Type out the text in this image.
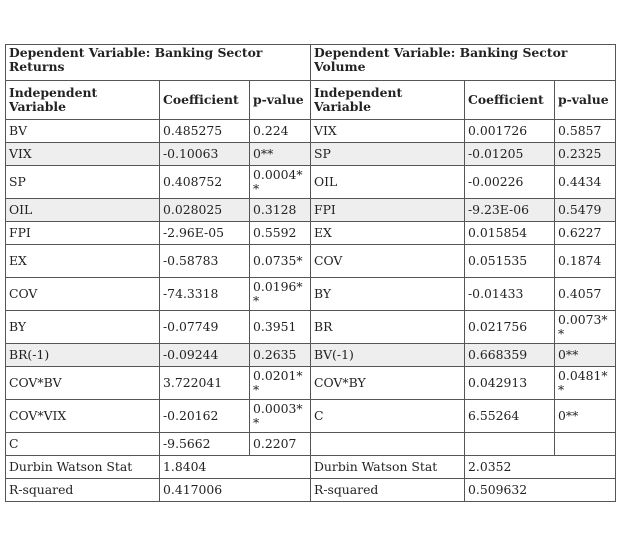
Dependent Variable: Banking Sector Returns			Dependent Variable: Banking Sector Volume		
Independent Variable	Coefficient	p-value	Independent Variable	Coefficient	p-value
BV	0.485275	0.224	VIX	0.001726	0.5857
VIX	-0.10063	0**	SP	-0.01205	0.2325
SP	0.408752	0.0004**	OIL	-0.00226	0.4434
OIL	0.028025	0.3128	FPI	-9.23E-06	0.5479
FPI	-2.96E-05	0.5592	EX	0.015854	0.6227
EX	-0.58783	0.0735*	COV	0.051535	0.1874
COV	-74.3318	0.0196**	BY	-0.01433	0.4057
BY	-0.07749	0.3951	BR	0.021756	0.0073**
BR(-1)	-0.09244	0.2635	BV(-1)	0.668359	0**
COV*BV	3.722041	0.0201**	COV*BY	0.042913	0.0481**
COV*VIX	-0.20162	0.0003**	C	6.55264	0**
C	-9.5662	0.2207			
Durbin Watson Stat	1.8404		Durbin Watson Stat	2.0352	
R-squared	0.417006		R-squared	0.509632	
